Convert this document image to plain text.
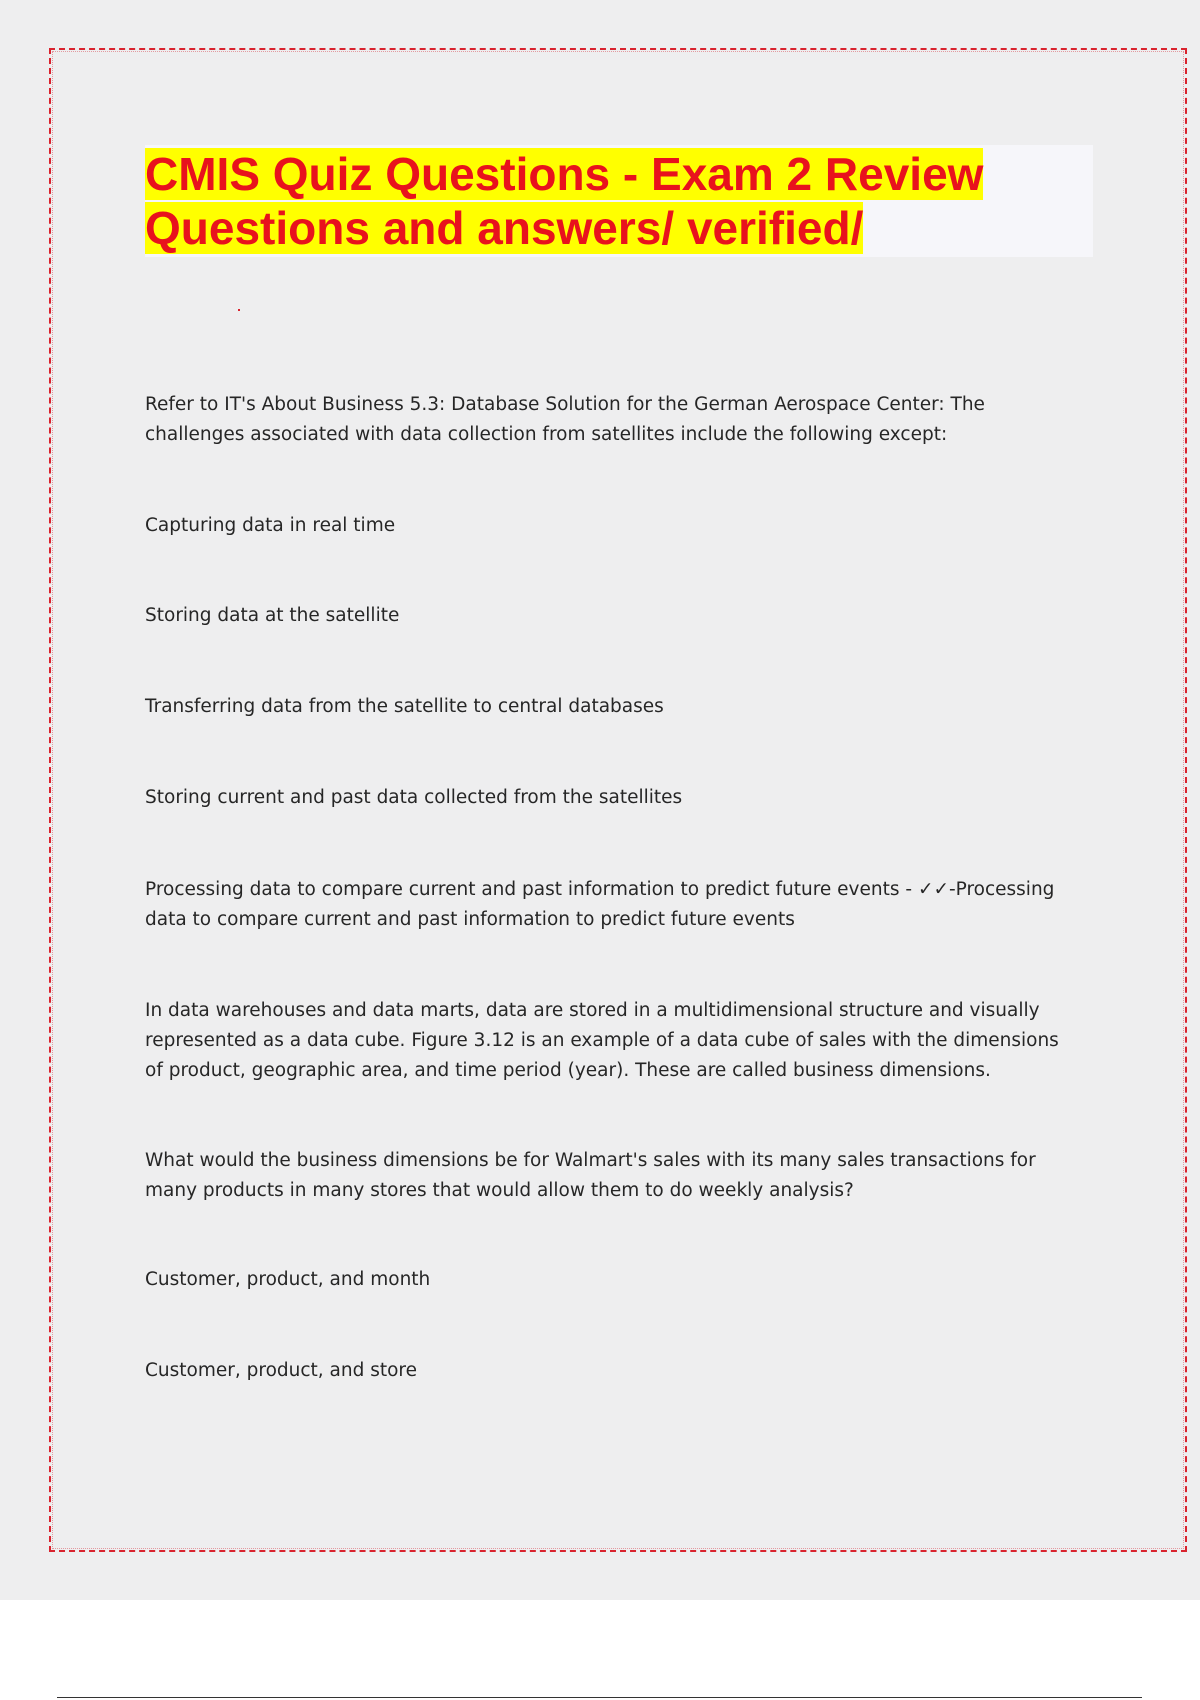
CMIS Quiz Questions - Exam 2 Review Questions and answers/ verified/

Refer to IT's About Business 5.3: Database Solution for the German Aerospace Center: The challenges associated with data collection from satellites include the following except:

Capturing data in real time

Storing data at the satellite

Transferring data from the satellite to central databases

Storing current and past data collected from the satellites

Processing data to compare current and past information to predict future events - ✓✓-Processing data to compare current and past information to predict future events

In data warehouses and data marts, data are stored in a multidimensional structure and visually represented as a data cube. Figure 3.12 is an example of a data cube of sales with the dimensions of product, geographic area, and time period (year). These are called business dimensions.

What would the business dimensions be for Walmart's sales with its many sales transactions for many products in many stores that would allow them to do weekly analysis?

Customer, product, and month

Customer, product, and store
